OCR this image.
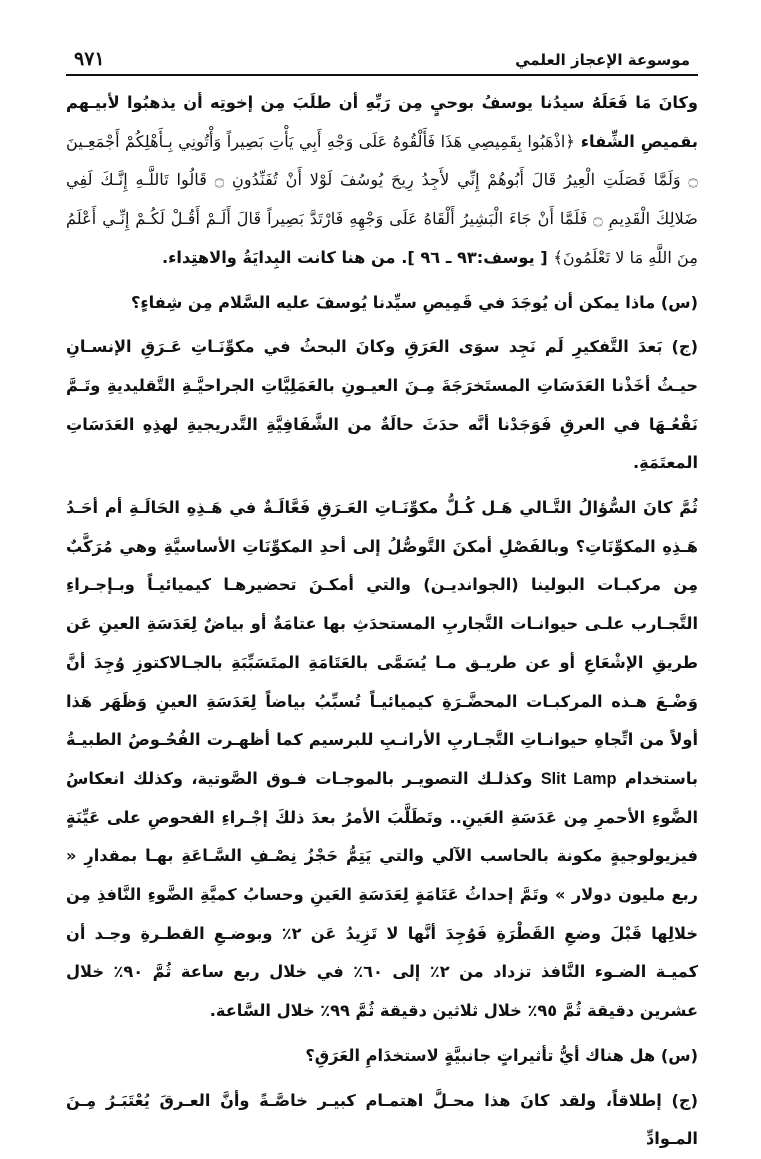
٩٧١	موسوعة الإعجاز العلمي

وكانَ مَا فَعَلَهُ سيدُنا يوسفُ بوحيٍ مِن رَبِّهِ أن طلَبَ مِن إخوتِه أن يذهبُوا لأبيـهم بقميصِ الشِّفاء ﴿اذْهَبُوا بِقَمِيصِي هَذَا فَأَلْقُوهُ عَلَى وَجْهِ أَبِي يَأْتِ بَصِيراً وَأْتُونِي بِـأَهْلِكُمْ أَجْمَعِـينَ ۝ وَلَمَّا فَصَلَتِ الْعِيرُ قَالَ أَبُوهُمْ إِنِّي لأَجِدُ رِيحَ يُوسُفَ لَوْلا أَنْ تُفَنِّدُونِ ۝ قَالُوا تَاللَّـهِ إِنَّـكَ لَفِي ضَلالِكَ الْقَدِيمِ ۝ فَلَمَّا أَنْ جَاءَ الْبَشِيرُ أَلْقَاهُ عَلَى وَجْهِهِ فَارْتَدَّ بَصِيراً قَالَ أَلَـمْ أَقُـلْ لَكُـمْ إِنِّـي أَعْلَمُ مِنَ اللَّهِ مَا لا تَعْلَمُونَ﴾ [ يوسف:٩٣ ـ ٩٦ ]. من هنا كانت البِدايَةُ والاهتِداء.

(س) ماذا يمكن أن يُوجَدَ في قَمِيصِ سيِّدنا يُوسفَ عليه السَّلام مِن شِفاءٍ؟

(ج) بَعدَ التَّفكيرِ لَم نَجِد سوَى العَرَقِ وكانَ البحثُ في مكوِّنَـاتِ عَـرَقِ الإنسـانِ حيـثُ أخَذْنا العَدَسَاتِ المستَخرَجَةَ مِـنَ العيـونِ بالعَمَلِيَّاتِ الجراحيَّـةِ التَّقليديةِ وتَـمَّ نَقْعُـهَا في العرقِ فَوَجَدْنا أنَّه حدَثَ حالَةٌ من الشَّفَافِيَّةِ التَّدريجيةِ لهذِهِ العَدَسَاتِ المعتَمَةِ.

ثُمَّ كانَ السُّؤالُ التَّـالي هَـل كُـلُّ مكوِّنَـاتِ العَـرَقِ فَعَّالَـةٌ في هَـذِهِ الحَالَـةِ أم أحَـدُ هَـذِهِ المكوِّنَاتِ؟ وبالفَصْلِ أمكنَ التَّوصُّلُ إلى أحدِ المكوِّنَاتِ الأساسيَّةِ وهي مُرَكَّبٌ مِن مركبـات البولينا (الجوانديـن) والتي أمكـنَ تحضيرهـا كيميائيـاً وبـإجـراءِ التَّجـارب علـى حيوانـات التَّجاربِ المستحدَثِ بها عتامَةٌ أو بياضٌ لِعَدَسَةِ العينِ عَن طريقِ الإشْعَاعِ أو عن طريـق مـا يُسَمَّى بالعَتَامَةِ المتَسَبِّبَةِ بالجـالاكتوزِ وُجِدَ أنَّ وَضْـعَ هـذه المركبـات المحضَّـرَةِ كيميائيـاً تُسبِّبُ بياضاً لِعَدَسَةِ العينِ وَظَهَر هَذا أولاً من اتِّجاهِ حيوانـاتِ التَّجـاربِ الأرانـبِ للبرسيم كما أظهـرت الفُحُـوصُ الطبيـةُ باستخدام Slit Lamp وكذلـك التصويـر بالموجـات فـوق الصَّوتية، وكذلك انعكاسُ الضَّوءِ الأحمرِ مِن عَدَسَةِ العَينِ.. وتَطَلَّبَ الأمرُ بعدَ ذلكَ إجْـراءِ الفحوصِ على عَيِّنَةٍ فيزيولوجيةٍ مكونة بالحاسب الآلي والتي يَتِمُّ حَجْزُ نِصْـفِ السَّـاعَةِ بهـا بمقدارِ « ربع مليون دولار » وتَمَّ إحداثُ عَتَامَةٍ لِعَدَسَةِ العَينِ وحسابُ كميَّةِ الضَّوءِ النَّافذِ مِن خلالِها قَبْلَ وضعِ القَطْرَةِ فَوُجِدَ أنَّها لا تَزِيدُ عَن ٢٪ وبوضـعِ القطـرةِ وجـد أن كميـة الضـوء النَّافذ تزداد من ٢٪ إلى ٦٠٪ في خلال ربع ساعة ثُمَّ ٩٠٪ خلال عشرين دقيقة ثُمَّ ٩٥٪ خلال ثلاثين دقيقة ثُمَّ ٩٩٪ خلال السَّاعة.

(س) هل هناك أيُّ تأثيراتٍ جانبيَّةٍ لاستخدَامِ العَرَقِ؟

(ج) إطلاقاً، ولقد كانَ هذا محـلَّ اهتمـام كبيـر خاصَّـةً وأنَّ العـرقَ يُعْتَبَـرُ مِـنَ المـوادِّ
